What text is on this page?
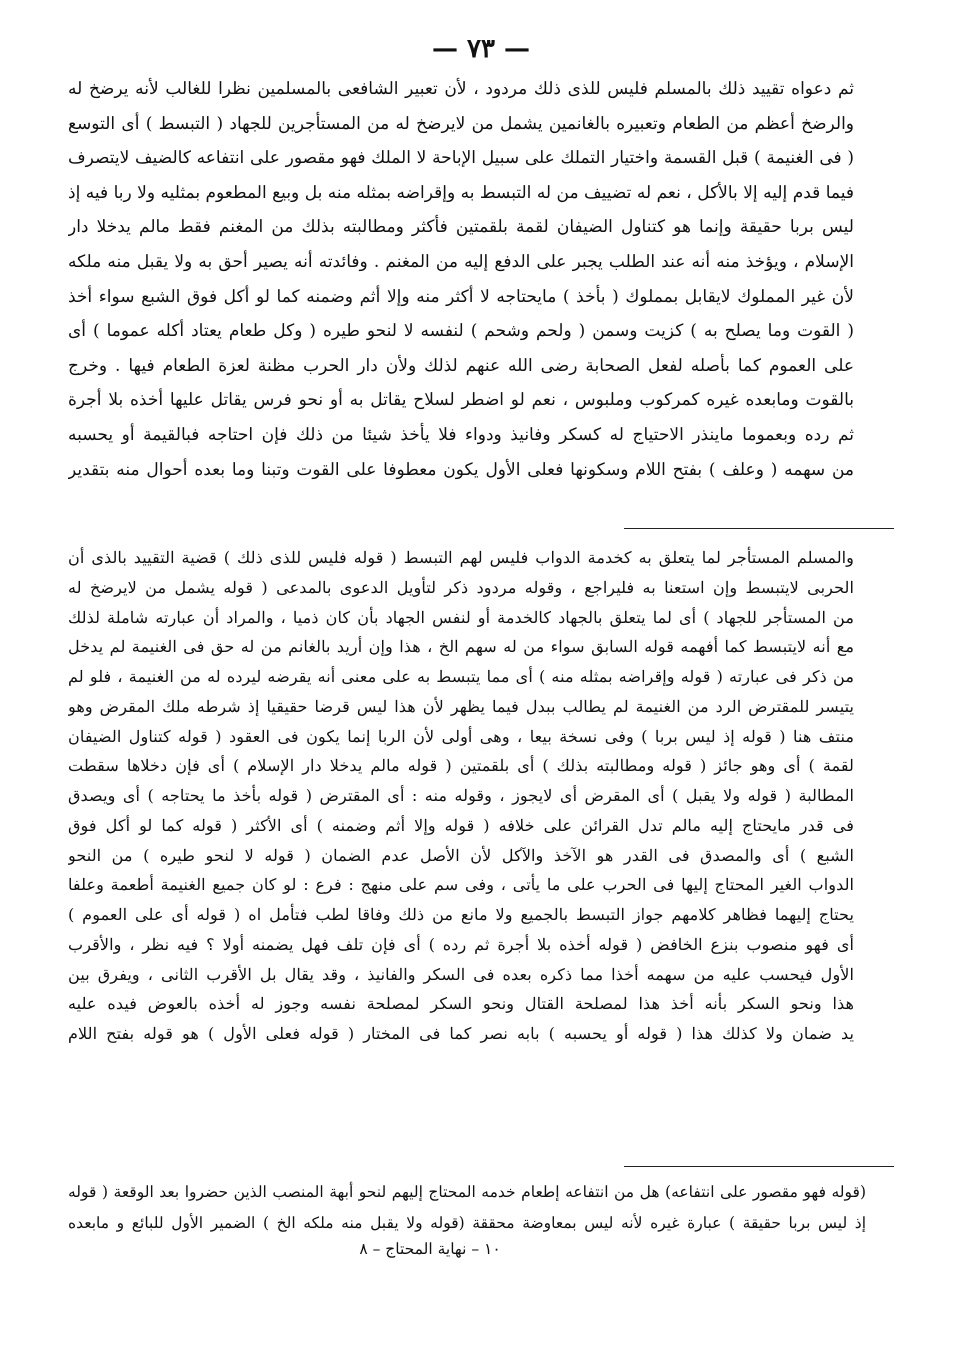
— ٧٣ —
ثم دعواه تقييد ذلك بالمسلم فليس للذى ذلك مردود ، لأن تعبير الشافعى بالمسلمين نظرا للغالب لأنه يرضخ له
والرضخ أعظم من الطعام وتعبيره بالغانمين يشمل من لايرضخ له من المستأجرين للجهاد ( التبسط ) أى التوسع
( فى الغنيمة ) قبل القسمة واختيار التملك على سبيل الإباحة لا الملك فهو مقصور على انتفاعه كالضيف لايتصرف
فيما قدم إليه إلا بالأكل ، نعم له تضييف من له التبسط به وإقراضه بمثله منه بل وبيع المطعوم بمثليه ولا ربا فيه إذ
ليس بربا حقيقة وإنما هو كتناول الضيفان لقمة بلقمتين فأكثر ومطالبته بذلك من المغنم فقط مالم يدخلا دار
الإسلام ، ويؤخذ منه أنه عند الطلب يجبر على الدفع إليه من المغنم . وفائدته أنه يصير أحق به ولا يقبل منه ملكه
لأن غير المملوك لايقابل بمملوك ( بأخذ ) مايحتاجه لا أكثر منه وإلا أثم وضمنه كما لو أكل فوق الشبع سواء أخذ
( القوت وما يصلح به ) كزيت وسمن ( ولحم وشحم ) لنفسه لا لنحو طيره ( وكل طعام يعتاد أكله عموما ) أى
على العموم كما بأصله لفعل الصحابة رضى الله عنهم لذلك ولأن دار الحرب مظنة لعزة الطعام فيها . وخرج
بالقوت ومابعده غيره كمركوب وملبوس ، نعم لو اضطر لسلاح يقاتل به أو نحو فرس يقاتل عليها أخذه بلا أجرة
ثم رده وبعموما ماينذر الاحتياج له كسكر وفانيذ ودواء فلا يأخذ شيئا من ذلك فإن احتاجه فبالقيمة أو يحسبه
من سهمه ( وعلف ) بفتح اللام وسكونها فعلى الأول يكون معطوفا على القوت وتبنا وما بعده أحوال منه بتقدير
والمسلم المستأجر لما يتعلق به كخدمة الدواب فليس لهم التبسط ( قوله فليس للذى ذلك ) قضية التقييد بالذى أن
الحربى لايتبسط وإن استعنا به فليراجع ، وقوله مردود ذكر لتأويل الدعوى بالمدعى ( قوله يشمل من لايرضخ له
من المستأجر للجهاد ) أى لما يتعلق بالجهاد كالخدمة أو لنفس الجهاد بأن كان ذميا ، والمراد أن عبارته شاملة لذلك
مع أنه لايتبسط كما أفهمه قوله السابق سواء من له سهم الخ ، هذا وإن أريد بالغانم من له حق فى الغنيمة لم يدخل
من ذكر فى عبارته ( قوله وإقراضه بمثله منه ) أى مما يتبسط به على معنى أنه يقرضه ليرده له من الغنيمة ، فلو لم
يتيسر للمقترض الرد من الغنيمة لم يطالب ببدل فيما يظهر لأن هذا ليس قرضا حقيقيا إذ شرطه ملك المقرض وهو
منتف هنا ( قوله إذ ليس بربا ) وفى نسخة بيعا ، وهى أولى لأن الربا إنما يكون فى العقود ( قوله كتناول الضيفان
لقمة ) أى وهو جائز ( قوله ومطالبته بذلك ) أى بلقمتين ( قوله مالم يدخلا دار الإسلام ) أى فإن دخلاها سقطت
المطالبة ( قوله ولا يقبل ) أى المقرض أى لايجوز ، وقوله منه : أى المقترض ( قوله بأخذ ما يحتاجه ) أى ويصدق
فى قدر مايحتاج إليه مالم تدل القرائن على خلافه ( قوله وإلا أثم وضمنه ) أى الأكثر ( قوله كما لو أكل فوق
الشبع ) أى والمصدق فى القدر هو الآخذ والآكل لأن الأصل عدم الضمان ( قوله لا لنحو طيره ) من النحو
الدواب الغير المحتاج إليها فى الحرب على ما يأتى ، وفى سم على منهج : فرع : لو كان جميع الغنيمة أطعمة وعلفا
يحتاج إليهما فظاهر كلامهم جواز التبسط بالجميع ولا مانع من ذلك وفاقا لطب فتأمل اه ( قوله أى على العموم )
أى فهو منصوب بنزع الخافض ( قوله أخذه بلا أجرة ثم رده ) أى فإن تلف فهل يضمنه أولا ؟ فيه نظر ، والأقرب
الأول فيحسب عليه من سهمه أخذا مما ذكره بعده فى السكر والفانيذ ، وقد يقال بل الأقرب الثانى ، ويفرق بين
هذا ونحو السكر بأنه أخذ هذا لمصلحة القتال ونحو السكر لمصلحة نفسه وجوز له أخذه بالعوض فيده عليه
يد ضمان ولا كذلك هذا ( قوله أو يحسبه ) بابه نصر كما فى المختار ( قوله فعلى الأول ) هو قوله بفتح اللام
(قوله فهو مقصور على انتفاعه) هل من انتفاعه إطعام خدمه المحتاج إليهم لنحو أبهة المنصب الذين حضروا بعد الوقعة ( قوله
إذ ليس بربا حقيقة ) عبارة غيره لأنه ليس بمعاوضة محققة (قوله ولا يقبل منه ملكه الخ ) الضمير الأول للبائع و مابعده
١٠ – نهاية المحتاج – ٨
